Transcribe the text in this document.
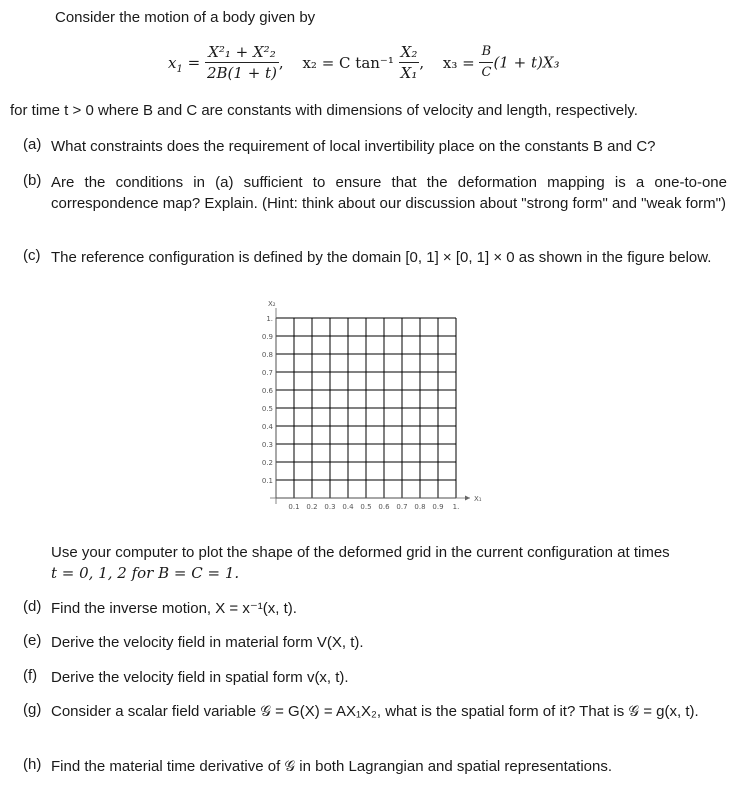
Consider the motion of a body given by
$x_1 = \frac{\text{X²₁ + X²₂}}{2B(1 + t)}$ , x₂ = C $\tan^{-1} \frac{\text{X₂}}{\text{X₁}}$ , $x_3 = \frac{B}{C} (1 + t)X_3$
for time t > 0 where B and C are constants with dimensions of velocity and length, respectively.
(a) What constraints does the requirement of local invertibility place on the constants B and C?
(b) Are the conditions in (a) sufficient to ensure that the deformation mapping is a one-to-one correspondence map? Explain. (Hint: think about our discussion about "strong form" and "weak form")
(c) The reference configuration is defined by the domain [0, 1] × [0, 1] × 0 as shown in the figure below.
0.1 0.2 0.3 0.4 0.5 0.6 0.7 0.8 0.9 1.
0.1
0.2
0.3
0.4
0.5
0.6
0.7
0.8
0.9
1.
X₁
X₂
Use your computer to plot the shape of the deformed grid in the current configuration at times
t = 0, 1, 2 for B = C = 1.
(d) Find the inverse motion, X = x⁻¹(x, t).
(e) Derive the velocity field in material form V(X, t).
(f) Derive the velocity field in spatial form v(x, t).
(g) Consider a scalar field variable 𝒢 = G(X) = AX₁X₂, what is the spatial form of it? That is 𝒢 = g(x, t).
(h) Find the material time derivative of 𝒢 in both Lagrangian and spatial representations.
